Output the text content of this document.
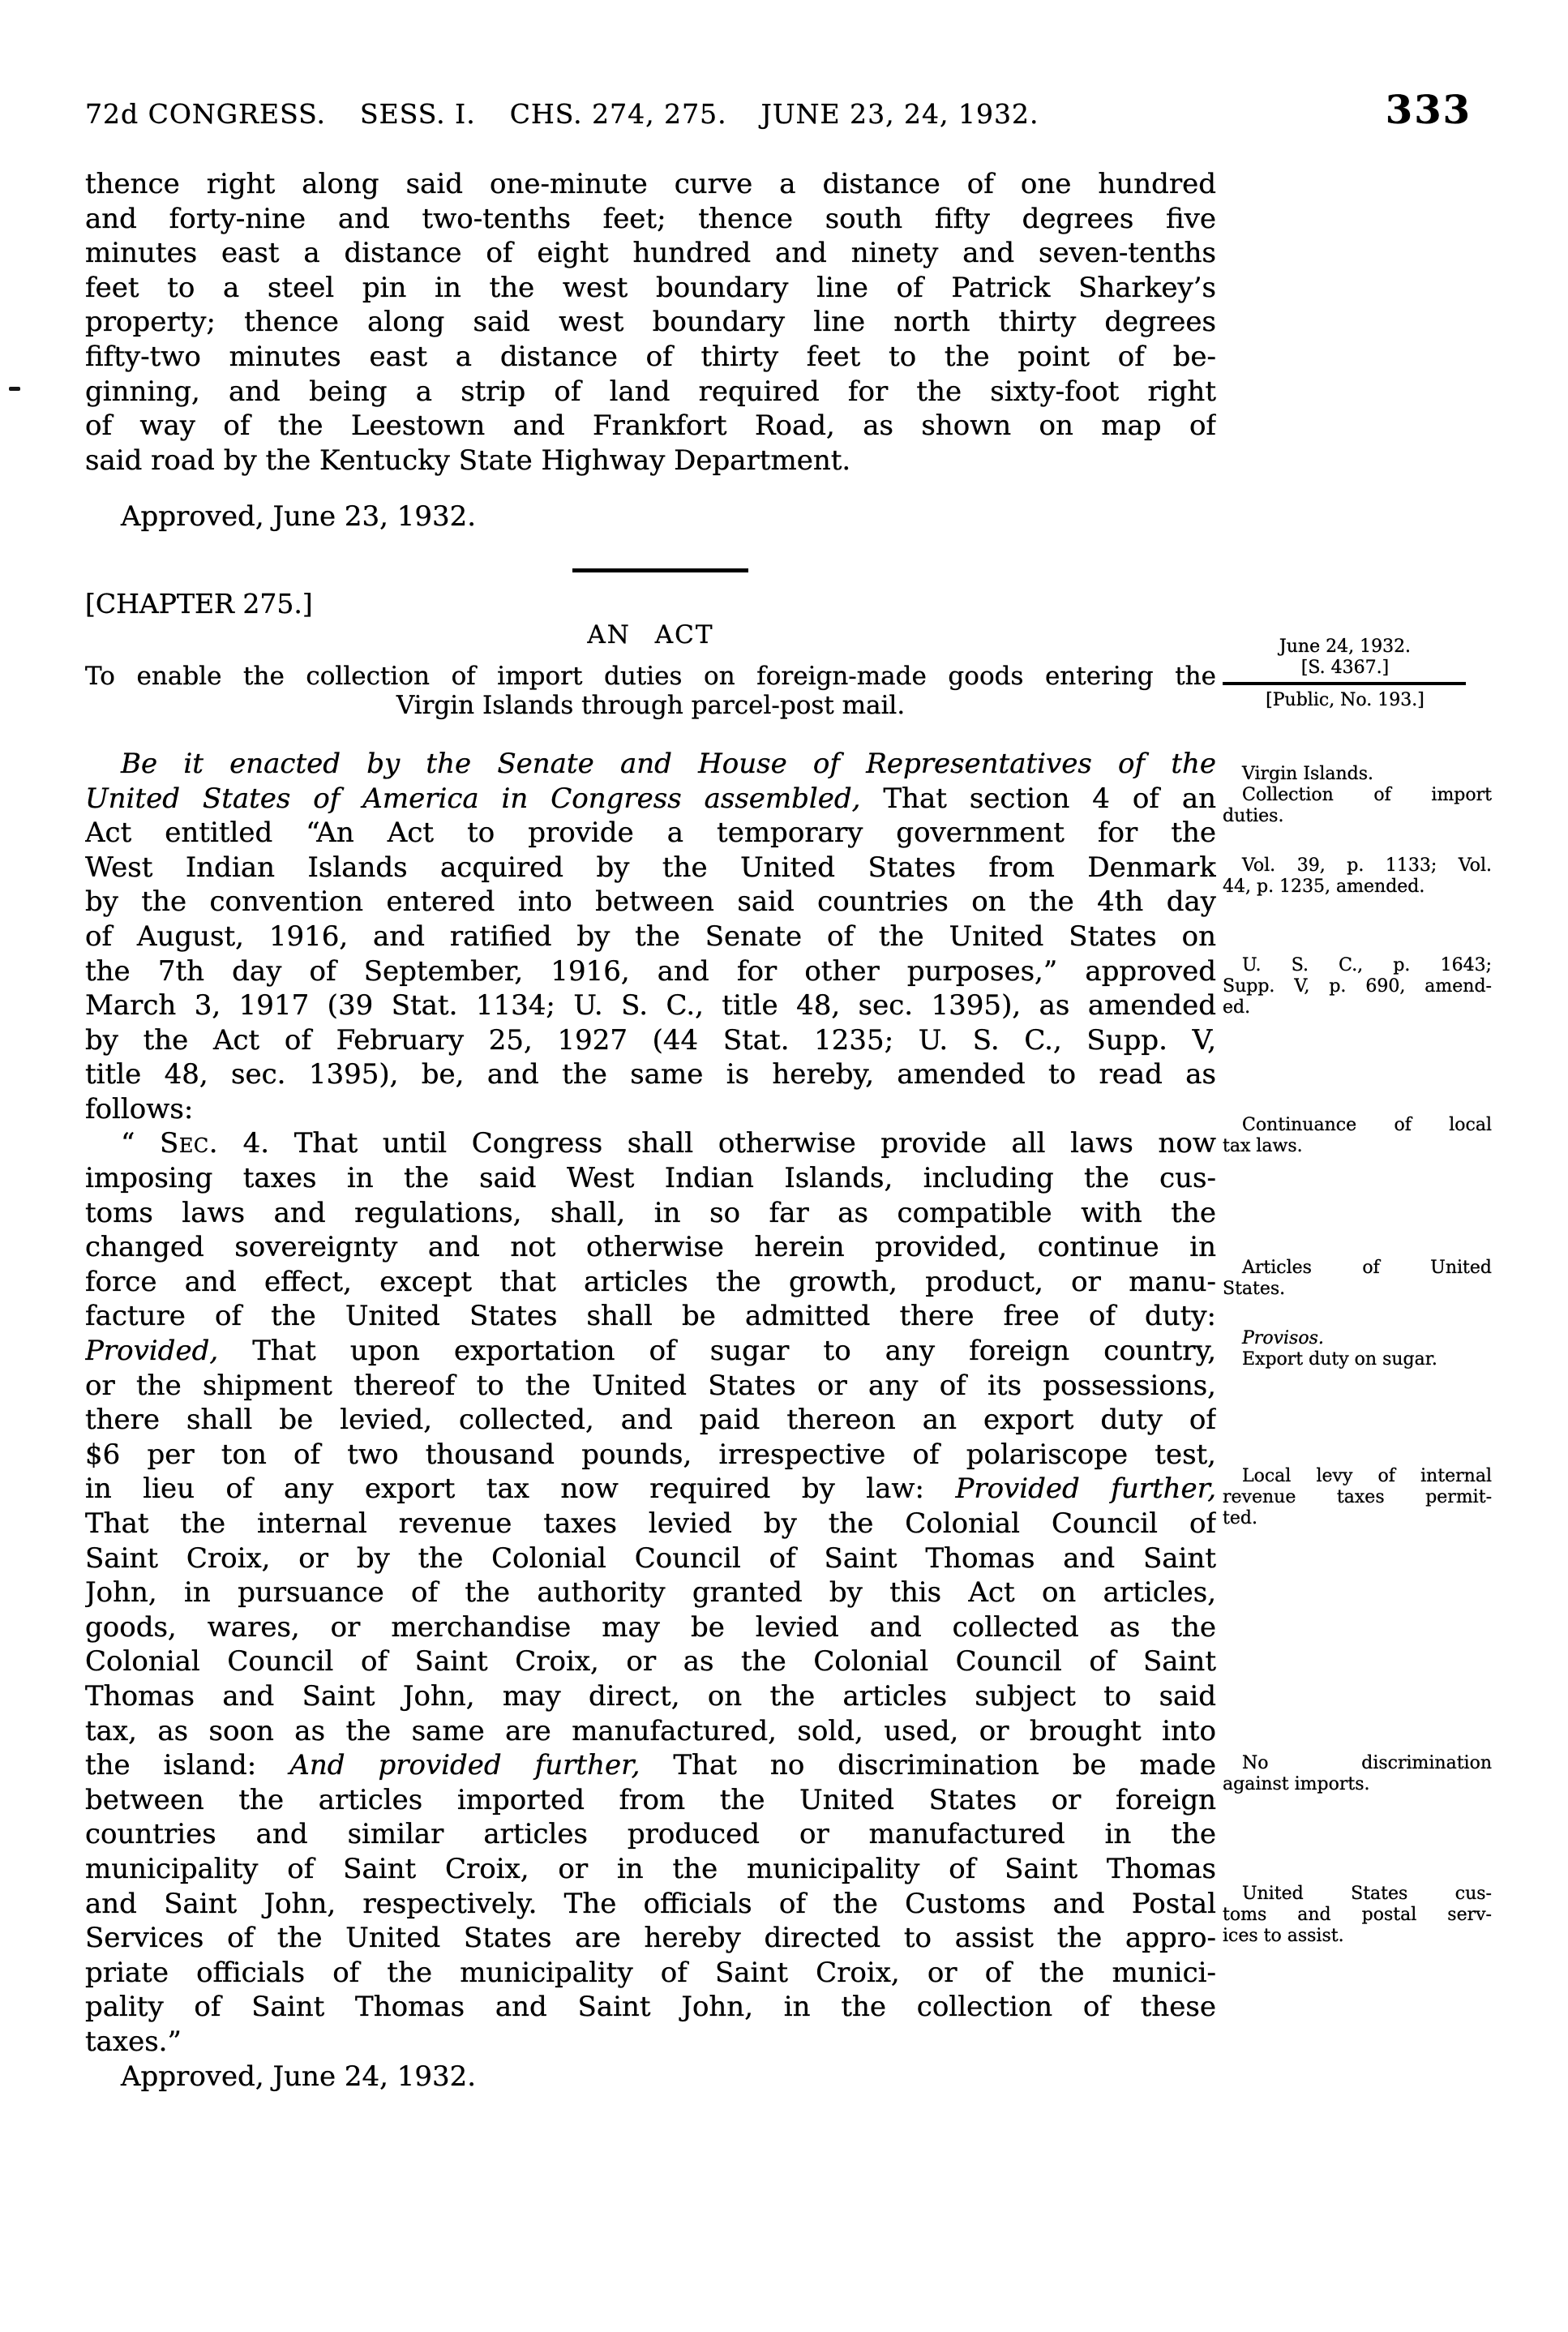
72d CONGRESS. SESS. I. CHS. 274, 275. JUNE 23, 24, 1932.	333
thence right along said one-minute curve a distance of one hundred
and forty-nine and two-tenths feet; thence south fifty degrees five
minutes east a distance of eight hundred and ninety and seven-tenths
feet to a steel pin in the west boundary line of Patrick Sharkey’s
property; thence along said west boundary line north thirty degrees
fifty-two minutes east a distance of thirty feet to the point of be-
ginning, and being a strip of land required for the sixty-foot right
of way of the Leestown and Frankfort Road, as shown on map of
said road by the Kentucky State Highway Department.
Approved, June 23, 1932.
[CHAPTER 275.]
AN ACT
To enable the collection of import duties on foreign-made goods entering the
Virgin Islands through parcel-post mail.
Be it enacted by the Senate and House of Representatives of the
United States of America in Congress assembled, That section 4 of an
Act entitled “An Act to provide a temporary government for the
West Indian Islands acquired by the United States from Denmark
by the convention entered into between said countries on the 4th day
of August, 1916, and ratified by the Senate of the United States on
the 7th day of September, 1916, and for other purposes,” approved
March 3, 1917 (39 Stat. 1134; U. S. C., title 48, sec. 1395), as amended
by the Act of February 25, 1927 (44 Stat. 1235; U. S. C., Supp. V,
title 48, sec. 1395), be, and the same is hereby, amended to read as
follows:
“ Sec. 4. That until Congress shall otherwise provide all laws now
imposing taxes in the said West Indian Islands, including the cus-
toms laws and regulations, shall, in so far as compatible with the
changed sovereignty and not otherwise herein provided, continue in
force and effect, except that articles the growth, product, or manu-
facture of the United States shall be admitted there free of duty:
Provided, That upon exportation of sugar to any foreign country,
or the shipment thereof to the United States or any of its possessions,
there shall be levied, collected, and paid thereon an export duty of
$6 per ton of two thousand pounds, irrespective of polariscope test,
in lieu of any export tax now required by law: Provided further,
That the internal revenue taxes levied by the Colonial Council of
Saint Croix, or by the Colonial Council of Saint Thomas and Saint
John, in pursuance of the authority granted by this Act on articles,
goods, wares, or merchandise may be levied and collected as the
Colonial Council of Saint Croix, or as the Colonial Council of Saint
Thomas and Saint John, may direct, on the articles subject to said
tax, as soon as the same are manufactured, sold, used, or brought into
the island: And provided further, That no discrimination be made
between the articles imported from the United States or foreign
countries and similar articles produced or manufactured in the
municipality of Saint Croix, or in the municipality of Saint Thomas
and Saint John, respectively. The officials of the Customs and Postal
Services of the United States are hereby directed to assist the appro-
priate officials of the municipality of Saint Croix, or of the munici-
pality of Saint Thomas and Saint John, in the collection of these
taxes.”
Approved, June 24, 1932.
June 24, 1932.
[S. 4367.]
[Public, No. 193.]
Virgin Islands.
Collection of import
duties.
Vol. 39, p. 1133; Vol.
44, p. 1235, amended.
U. S. C., p. 1643;
Supp. V, p. 690, amend-
ed.
Continuance of local
tax laws.
Articles of United
States.
Provisos.
Export duty on sugar.
Local levy of internal
revenue taxes permit-
ted.
No discrimination
against imports.
United States cus-
toms and postal serv-
ices to assist.
